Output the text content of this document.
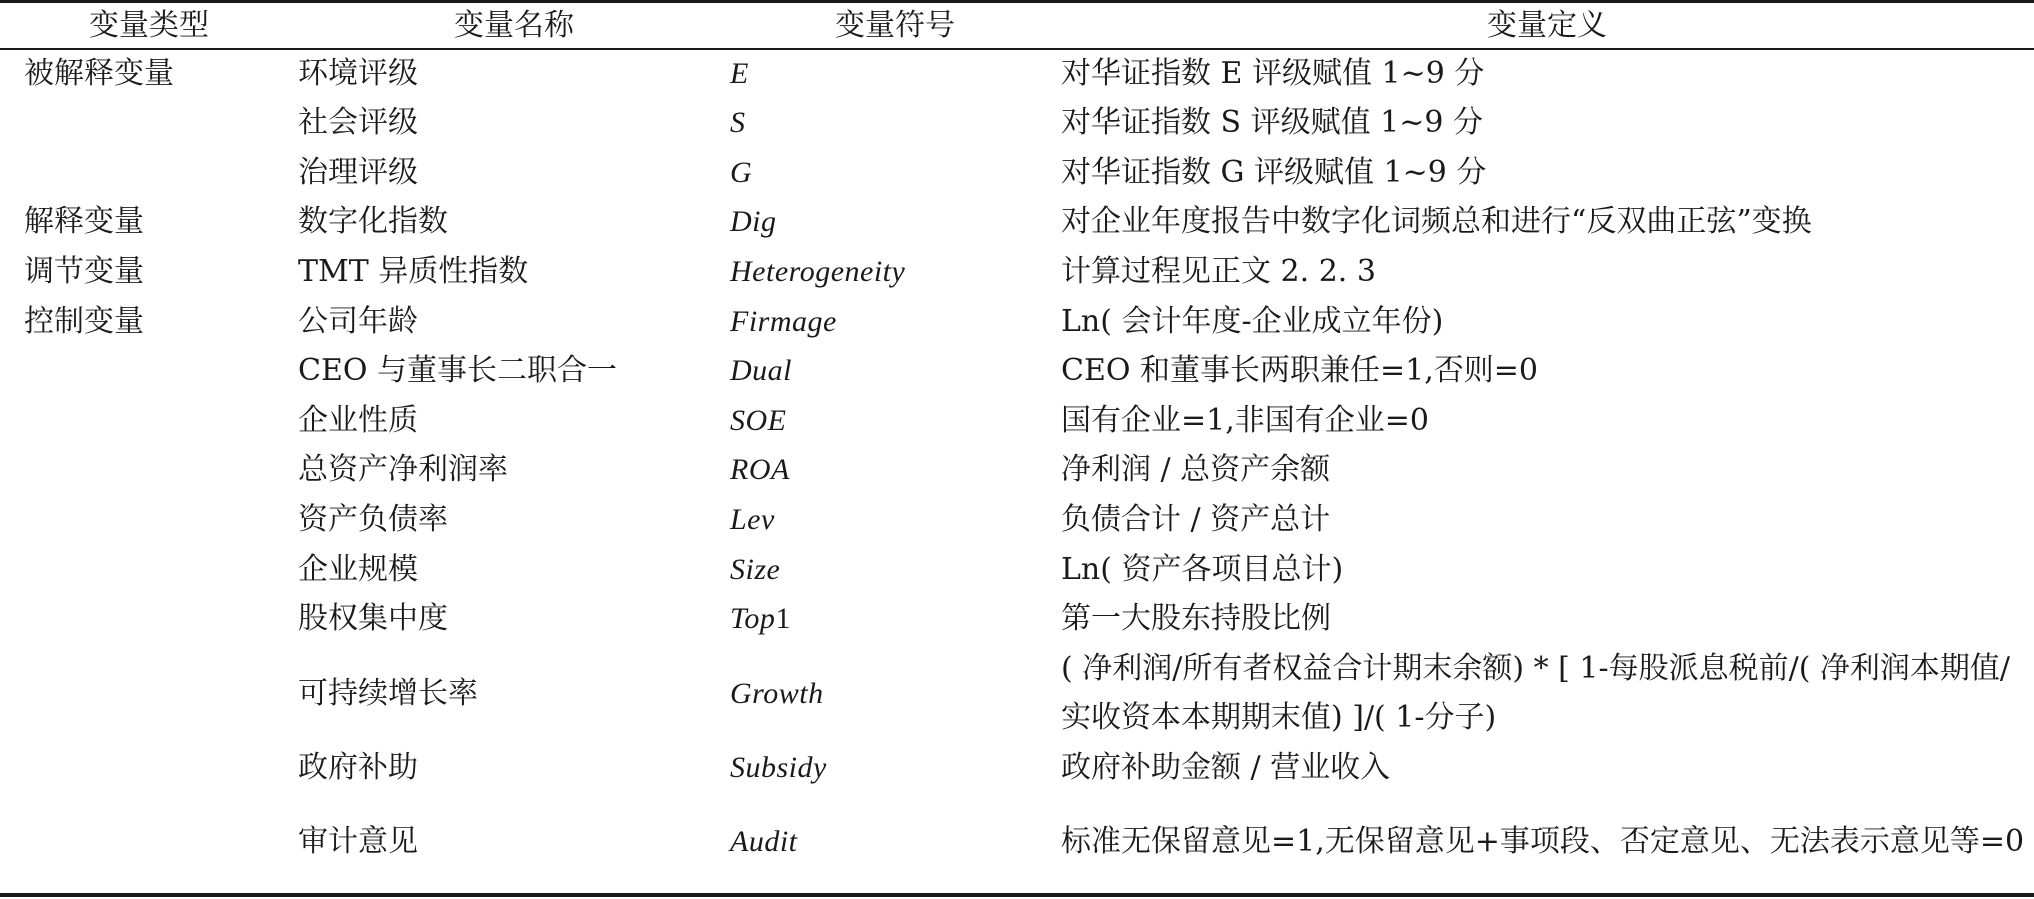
变量类型	变量名称	变量符号	变量定义
被解释变量	环境评级	E	对华证指数 E 评级赋值 1~9 分
	社会评级	S	对华证指数 S 评级赋值 1~9 分
	治理评级	G	对华证指数 G 评级赋值 1~9 分
解释变量	数字化指数	Dig	对企业年度报告中数字化词频总和进行“反双曲正弦”变换
调节变量	TMT 异质性指数	Heterogeneity	计算过程见正文 2. 2. 3
控制变量	公司年龄	Firmage	Ln( 会计年度-企业成立年份)
	CEO 与董事长二职合一	Dual	CEO 和董事长两职兼任=1,否则=0
	企业性质	SOE	国有企业=1,非国有企业=0
	总资产净利润率	ROA	净利润 / 总资产余额
	资产负债率	Lev	负债合计 / 资产总计
	企业规模	Size	Ln( 资产各项目总计)
	股权集中度	Top1	第一大股东持股比例
	可持续增长率	Growth	( 净利润/所有者权益合计期末余额) * [ 1-每股派息税前/( 净利润本期值/实收资本本期期末值) ]/( 1-分子)
	政府补助	Subsidy	政府补助金额 / 营业收入
	审计意见	Audit	标准无保留意见=1,无保留意见+事项段、否定意见、无法表示意见等=0
